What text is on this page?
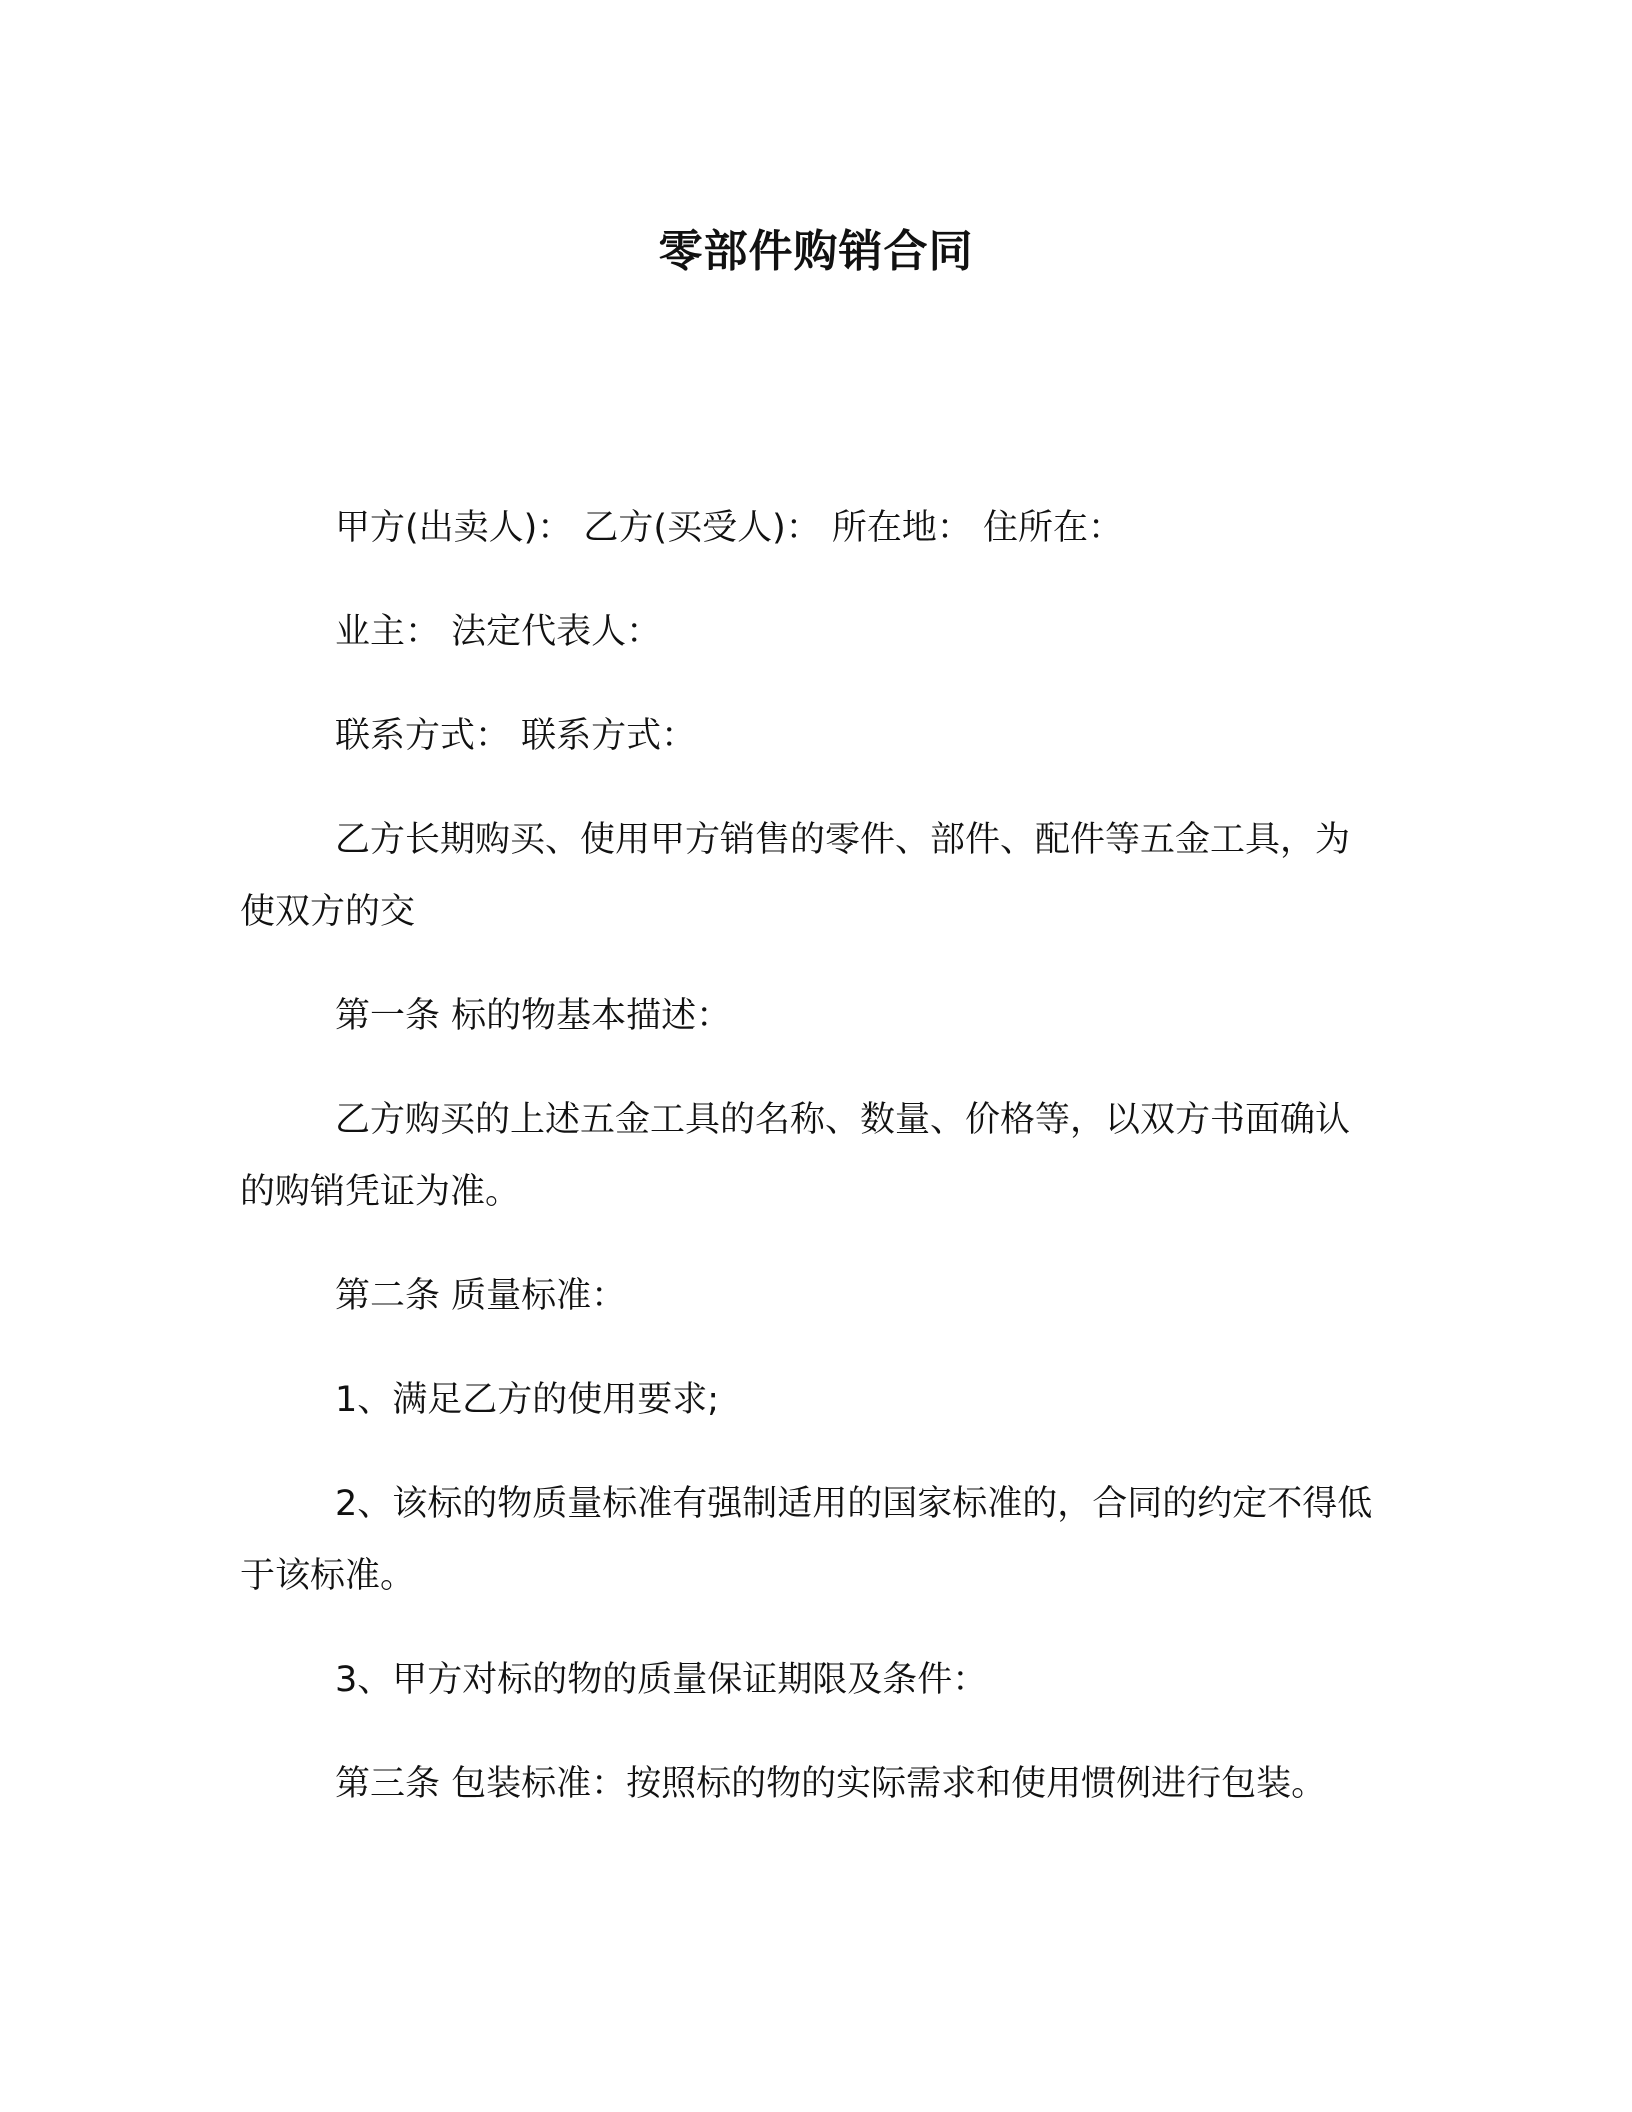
零部件购销合同

甲方(出卖人)： 乙方(买受人)： 所在地： 住所在：

业主： 法定代表人：

联系方式： 联系方式：

乙方长期购买、使用甲方销售的零件、部件、配件等五金工具，为使双方的交

第一条 标的物基本描述：

乙方购买的上述五金工具的名称、数量、价格等，以双方书面确认的购销凭证为准。

第二条 质量标准：

1、满足乙方的使用要求;

2、该标的物质量标准有强制适用的国家标准的，合同的约定不得低于该标准。

3、甲方对标的物的质量保证期限及条件：

第三条 包装标准：按照标的物的实际需求和使用惯例进行包装。
